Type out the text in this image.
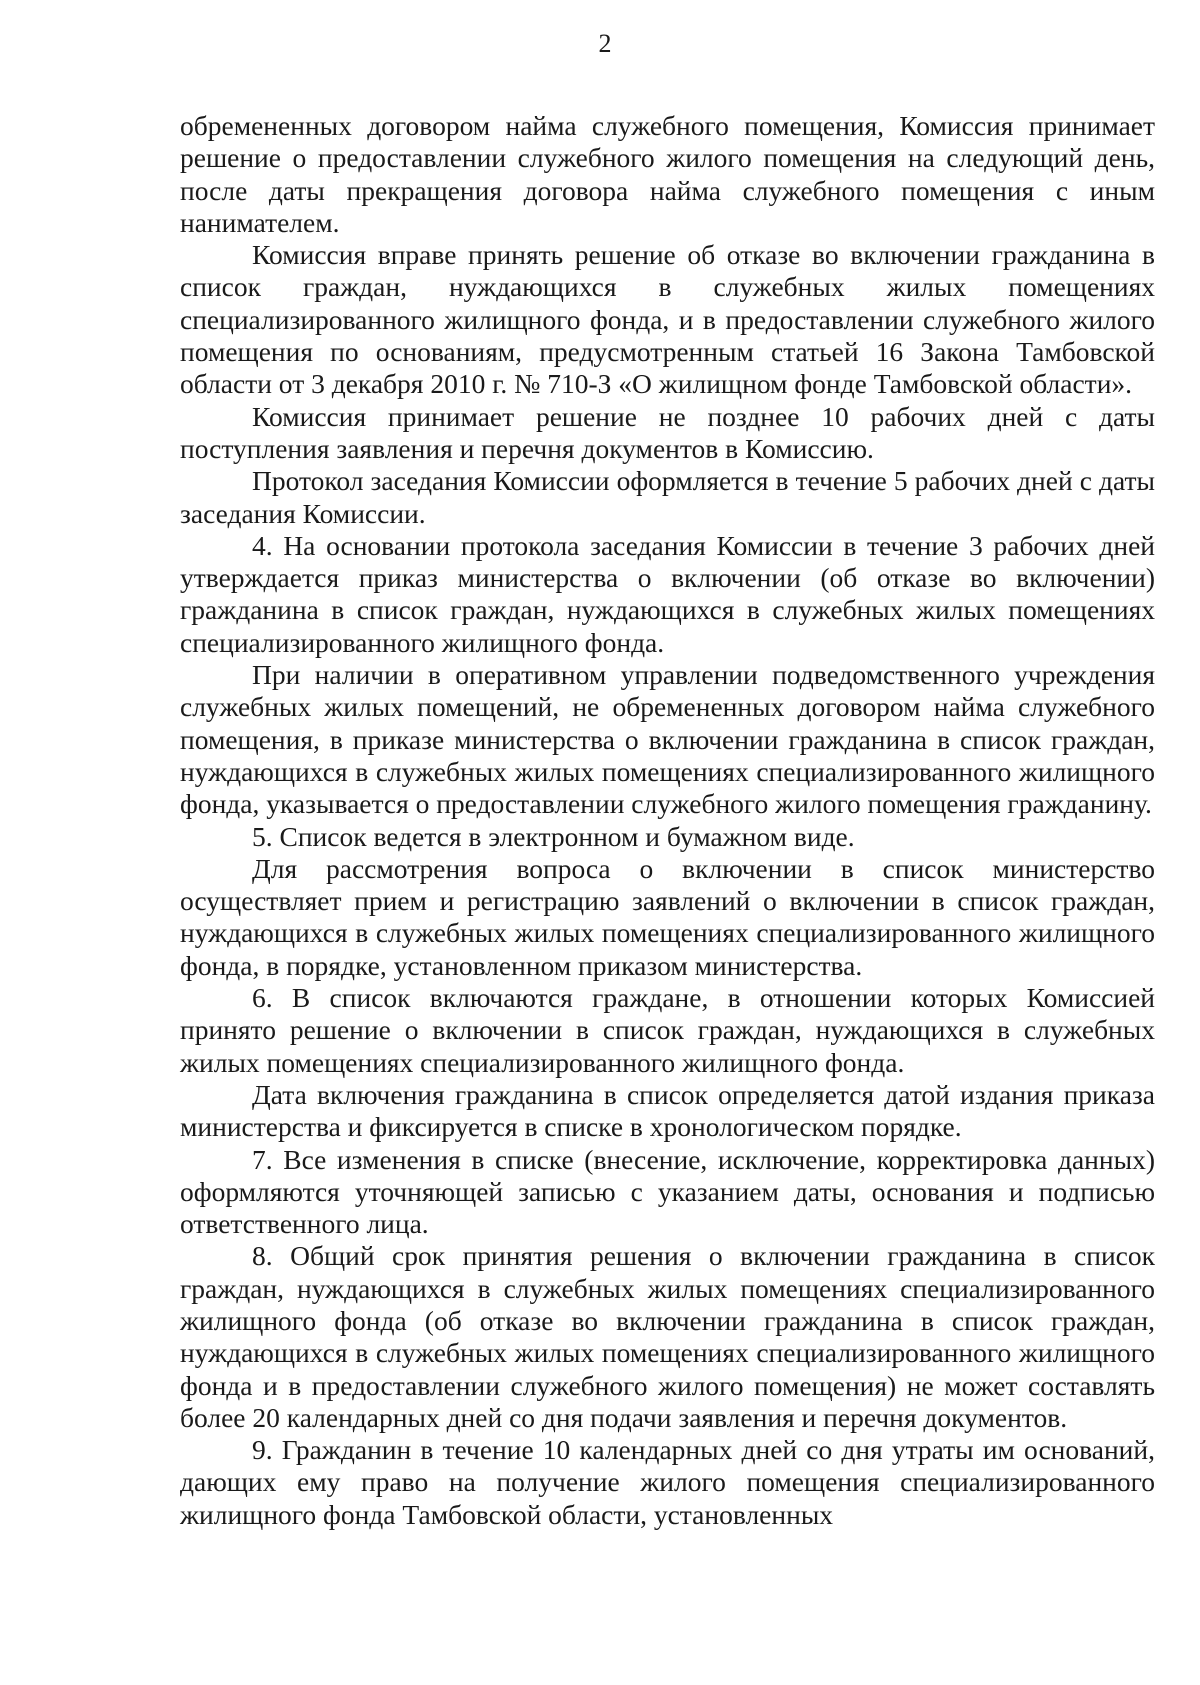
2

обремененных договором найма служебного помещения, Комиссия принимает решение о предоставлении служебного жилого помещения на следующий день, после даты прекращения договора найма служебного помещения с иным нанимателем.

Комиссия вправе принять решение об отказе во включении гражданина в список граждан, нуждающихся в служебных жилых помещениях специализированного жилищного фонда, и в предоставлении служебного жилого помещения по основаниям, предусмотренным статьей 16 Закона Тамбовской области от 3 декабря 2010 г. № 710-З «О жилищном фонде Тамбовской области».

Комиссия принимает решение не позднее 10 рабочих дней с даты поступления заявления и перечня документов в Комиссию.

Протокол заседания Комиссии оформляется в течение 5 рабочих дней с даты заседания Комиссии.

4. На основании протокола заседания Комиссии в течение 3 рабочих дней утверждается приказ министерства о включении (об отказе во включении) гражданина в список граждан, нуждающихся в служебных жилых помещениях специализированного жилищного фонда.

При наличии в оперативном управлении подведомственного учреждения служебных жилых помещений, не обремененных договором найма служебного помещения, в приказе министерства о включении гражданина в список граждан, нуждающихся в служебных жилых помещениях специализированного жилищного фонда, указывается о предоставлении служебного жилого помещения гражданину.

5. Список ведется в электронном и бумажном виде.

Для рассмотрения вопроса о включении в список министерство осуществляет прием и регистрацию заявлений о включении в список граждан, нуждающихся в служебных жилых помещениях специализированного жилищного фонда, в порядке, установленном приказом министерства.

6. В список включаются граждане, в отношении которых Комиссией принято решение о включении в список граждан, нуждающихся в служебных жилых помещениях специализированного жилищного фонда.

Дата включения гражданина в список определяется датой издания приказа министерства и фиксируется в списке в хронологическом порядке.

7. Все изменения в списке (внесение, исключение, корректировка данных) оформляются уточняющей записью с указанием даты, основания и подписью ответственного лица.

8. Общий срок принятия решения о включении гражданина в список граждан, нуждающихся в служебных жилых помещениях специализированного жилищного фонда (об отказе во включении гражданина в список граждан, нуждающихся в служебных жилых помещениях специализированного жилищного фонда и в предоставлении служебного жилого помещения) не может составлять более 20 календарных дней со дня подачи заявления и перечня документов.

9. Гражданин в течение 10 календарных дней со дня утраты им оснований, дающих ему право на получение жилого помещения специализированного жилищного фонда Тамбовской области, установленных
